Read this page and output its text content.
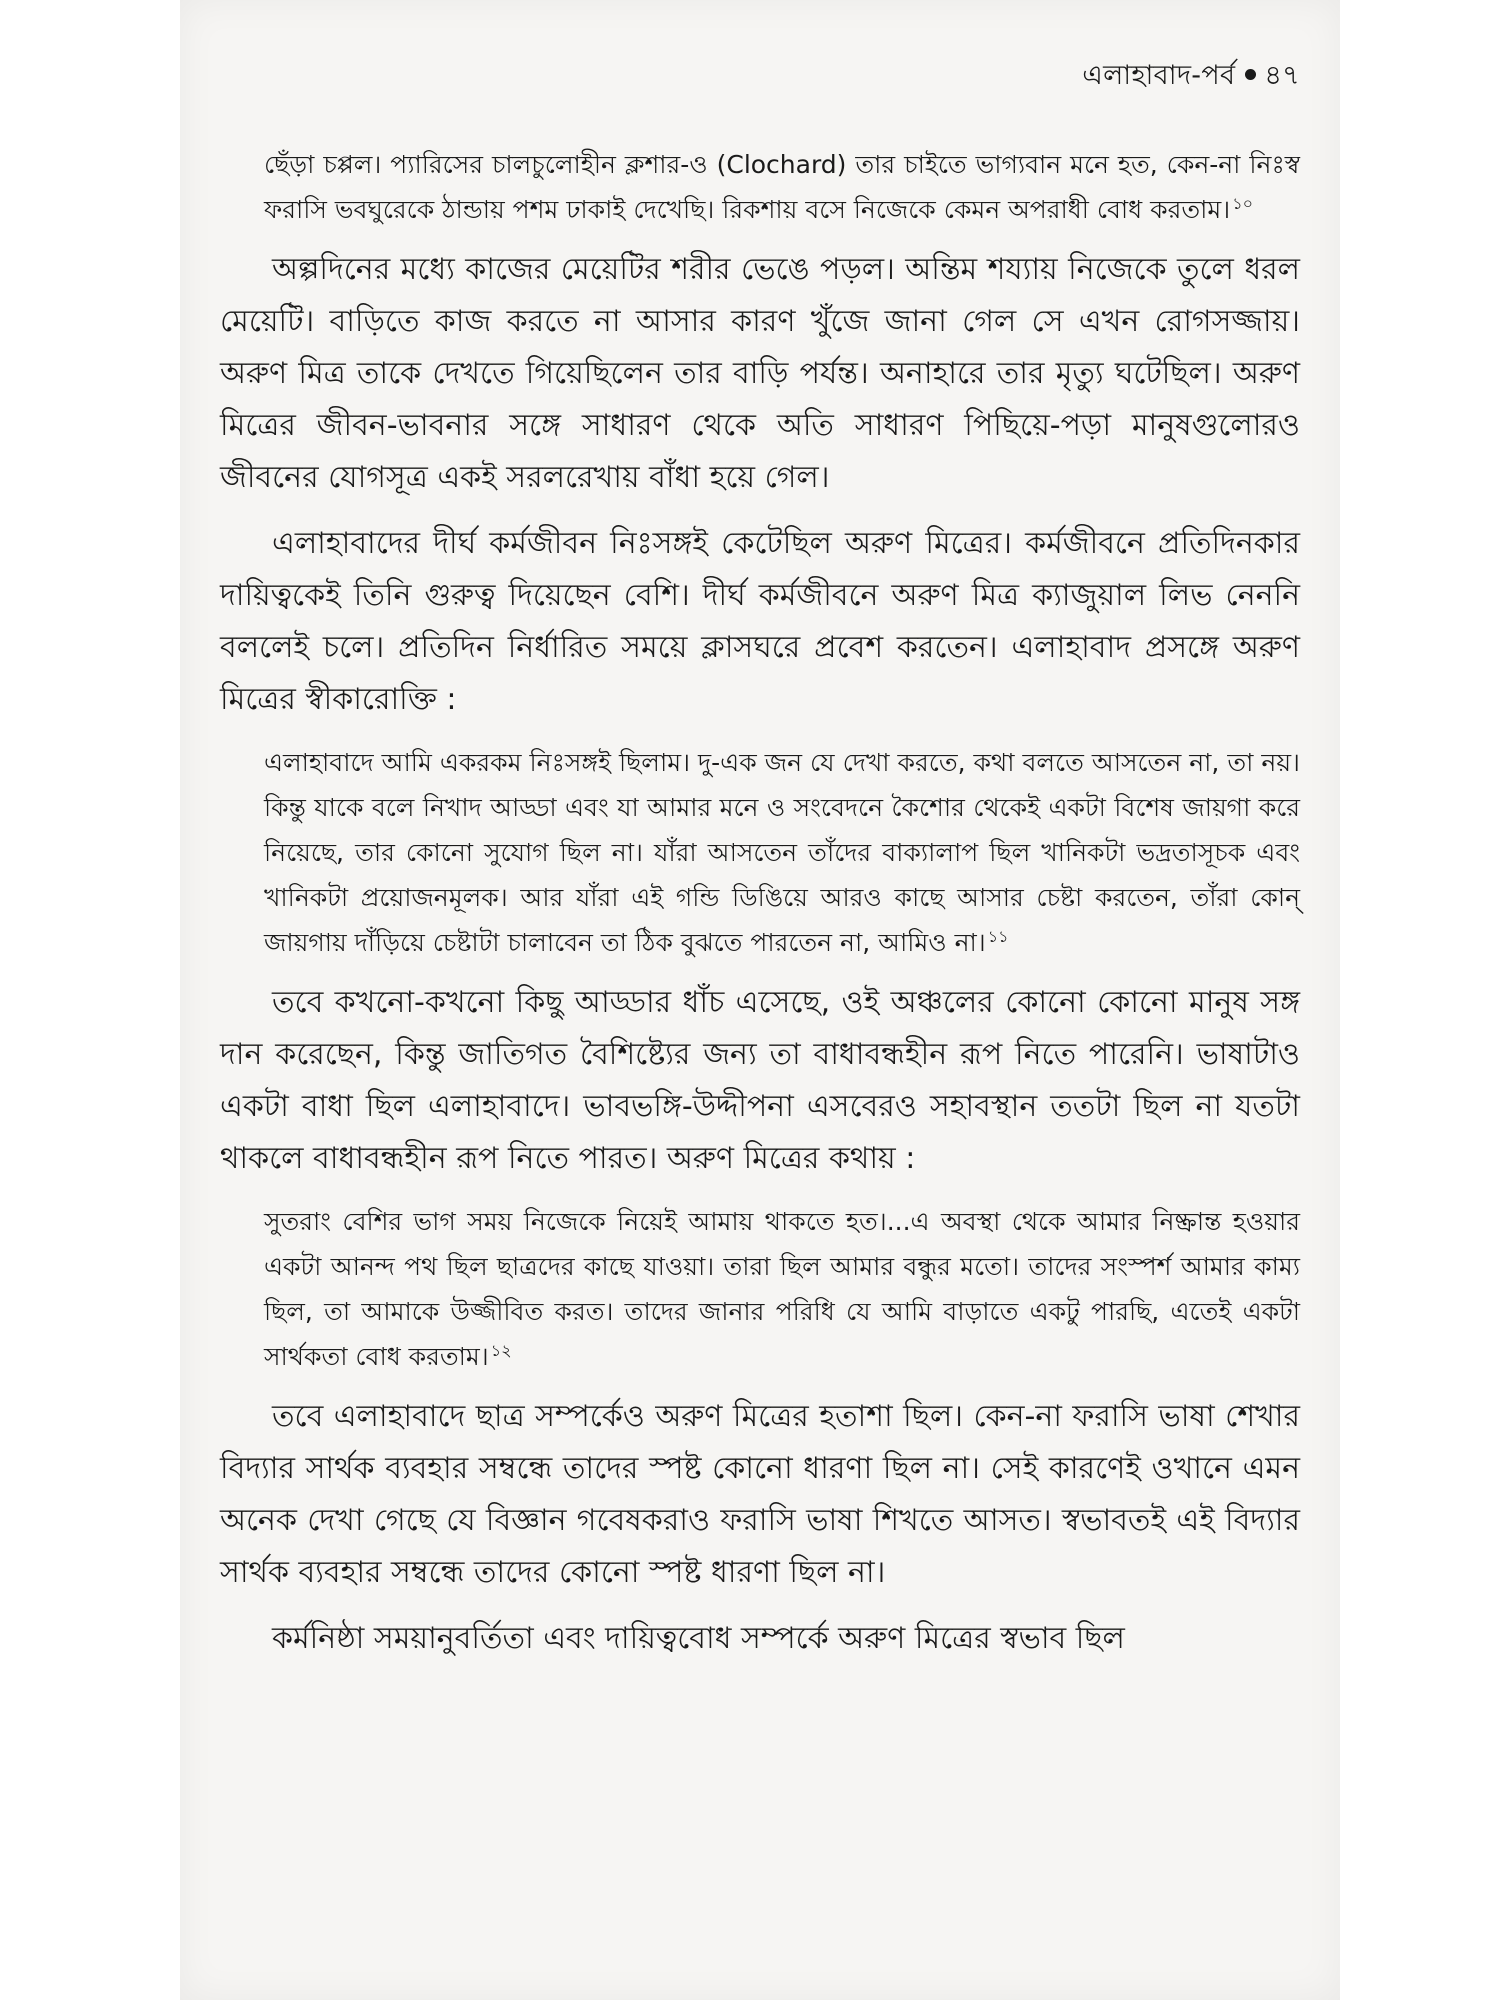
এলাহাবাদ-পর্ব ৪৭

ছেঁড়া চপ্পল। প্যারিসের চালচুলোহীন ক্লশার-ও (Clochard) তার চাইতে ভাগ্যবান মনে হত, কেন-না নিঃস্ব ফরাসি ভবঘুরেকে ঠান্ডায় পশম ঢাকাই দেখেছি। রিকশায় বসে নিজেকে কেমন অপরাধী বোধ করতাম। $^{১০}$

অল্পদিনের মধ্যে কাজের মেয়েটির শরীর ভেঙে পড়ল। অন্তিম শয্যায় নিজেকে তুলে ধরল মেয়েটি। বাড়িতে কাজ করতে না আসার কারণ খুঁজে জানা গেল সে এখন রোগসজ্জায়। অরুণ মিত্র তাকে দেখতে গিয়েছিলেন তার বাড়ি পর্যন্ত। অনাহারে তার মৃত্যু ঘটেছিল। অরুণ মিত্রের জীবন-ভাবনার সঙ্গে সাধারণ থেকে অতি সাধারণ পিছিয়ে-পড়া মানুষগুলোরও জীবনের যোগসূত্র একই সরলরেখায় বাঁধা হয়ে গেল।

এলাহাবাদের দীর্ঘ কর্মজীবন নিঃসঙ্গই কেটেছিল অরুণ মিত্রের। কর্মজীবনে প্রতিদিনকার দায়িত্বকেই তিনি গুরুত্ব দিয়েছেন বেশি। দীর্ঘ কর্মজীবনে অরুণ মিত্র ক্যাজুয়াল লিভ নেননি বললেই চলে। প্রতিদিন নির্ধারিত সময়ে ক্লাসঘরে প্রবেশ করতেন। এলাহাবাদ প্রসঙ্গে অরুণ মিত্রের স্বীকারোক্তি :

এলাহাবাদে আমি একরকম নিঃসঙ্গই ছিলাম। দু-এক জন যে দেখা করতে, কথা বলতে আসতেন না, তা নয়। কিন্তু যাকে বলে নিখাদ আড্ডা এবং যা আমার মনে ও সংবেদনে কৈশোর থেকেই একটা বিশেষ জায়গা করে নিয়েছে, তার কোনো সুযোগ ছিল না। যাঁরা আসতেন তাঁদের বাক্যালাপ ছিল খানিকটা ভদ্রতাসূচক এবং খানিকটা প্রয়োজনমূলক। আর যাঁরা এই গন্ডি ডিঙিয়ে আরও কাছে আসার চেষ্টা করতেন, তাঁরা কোন্ জায়গায় দাঁড়িয়ে চেষ্টাটা চালাবেন তা ঠিক বুঝতে পারতেন না, আমিও না। $^{১১}$

তবে কখনো-কখনো কিছু আড্ডার ধাঁচ এসেছে, ওই অঞ্চলের কোনো কোনো মানুষ সঙ্গ দান করেছেন, কিন্তু জাতিগত বৈশিষ্ট্যের জন্য তা বাধাবন্ধহীন রূপ নিতে পারেনি। ভাষাটাও একটা বাধা ছিল এলাহাবাদে। ভাবভঙ্গি-উদ্দীপনা এসবেরও সহাবস্থান ততটা ছিল না যতটা থাকলে বাধাবন্ধহীন রূপ নিতে পারত। অরুণ মিত্রের কথায় :

সুতরাং বেশির ভাগ সময় নিজেকে নিয়েই আমায় থাকতে হত।...এ অবস্থা থেকে আমার নিষ্ক্রান্ত হওয়ার একটা আনন্দ পথ ছিল ছাত্রদের কাছে যাওয়া। তারা ছিল আমার বন্ধুর মতো। তাদের সংস্পর্শ আমার কাম্য ছিল, তা আমাকে উজ্জীবিত করত। তাদের জানার পরিধি যে আমি বাড়াতে একটু পারছি, এতেই একটা সার্থকতা বোধ করতাম। $^{১২}$

তবে এলাহাবাদে ছাত্র সম্পর্কেও অরুণ মিত্রের হতাশা ছিল। কেন-না ফরাসি ভাষা শেখার বিদ্যার সার্থক ব্যবহার সম্বন্ধে তাদের স্পষ্ট কোনো ধারণা ছিল না। সেই কারণেই ওখানে এমন অনেক দেখা গেছে যে বিজ্ঞান গবেষকরাও ফরাসি ভাষা শিখতে আসত। স্বভাবতই এই বিদ্যার সার্থক ব্যবহার সম্বন্ধে তাদের কোনো স্পষ্ট ধারণা ছিল না।

কর্মনিষ্ঠা সময়ানুবর্তিতা এবং দায়িত্ববোধ সম্পর্কে অরুণ মিত্রের স্বভাব ছিল
